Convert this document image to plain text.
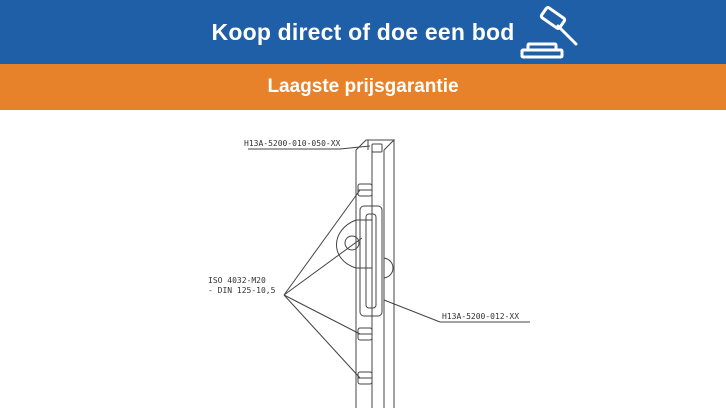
Koop direct of doe een bod
Laagste prijsgarantie
H13A-5200-010-050-XX
ISO 4032-M20
- DIN 125-10,5
H13A-5200-012-XX
